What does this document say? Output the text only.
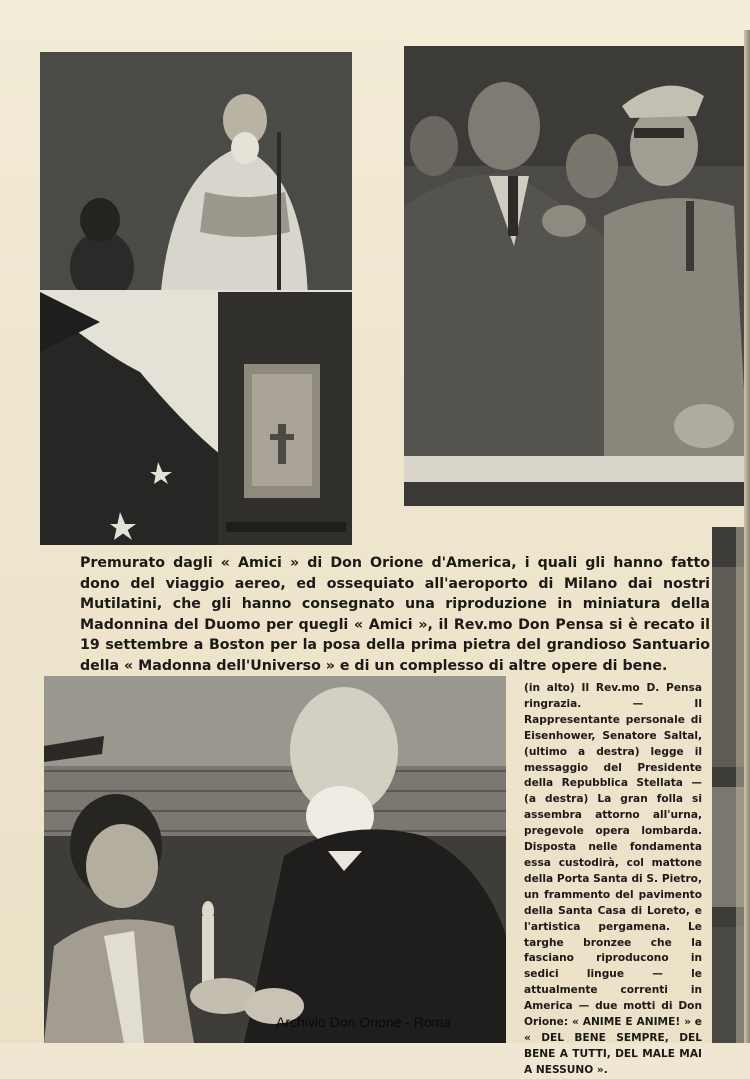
Premurato dagli « Amici » di Don Orione d'America, i quali gli hanno fatto dono del viaggio aereo, ed ossequiato all'aeroporto di Milano dai nostri Mutilatini, che gli hanno consegnato una riproduzione in miniatura della Madonnina del Duomo per quegli « Amici », il Rev.mo Don Pensa si è recato il 19 settembre a Boston per la posa della prima pietra del grandioso Santuario della « Madonna dell'Universo » e di un complesso di altre opere di bene.
(in alto) Il Rev.mo D. Pensa ringrazia. — Il Rappresentante personale di Eisenhower, Senatore Saltal, (ultimo a destra) legge il messaggio del Presidente della Repubblica Stellata — (a destra) La gran folla si assembra attorno all'urna, pregevole opera lombarda. Disposta nelle fondamenta essa custodirà, col mattone della Porta Santa di S. Pietro, un frammento del pavimento della Santa Casa di Loreto, e l'artistica pergamena. Le targhe bronzee che la fasciano riproducono in sedici lingue — le attualmente correnti in America — due motti di Don Orione: « ANIME E ANIME! » e « DEL BENE SEMPRE, DEL BENE A TUTTI, DEL MALE MAI A NESSUNO ».
Archivio Don Orione - Roma
